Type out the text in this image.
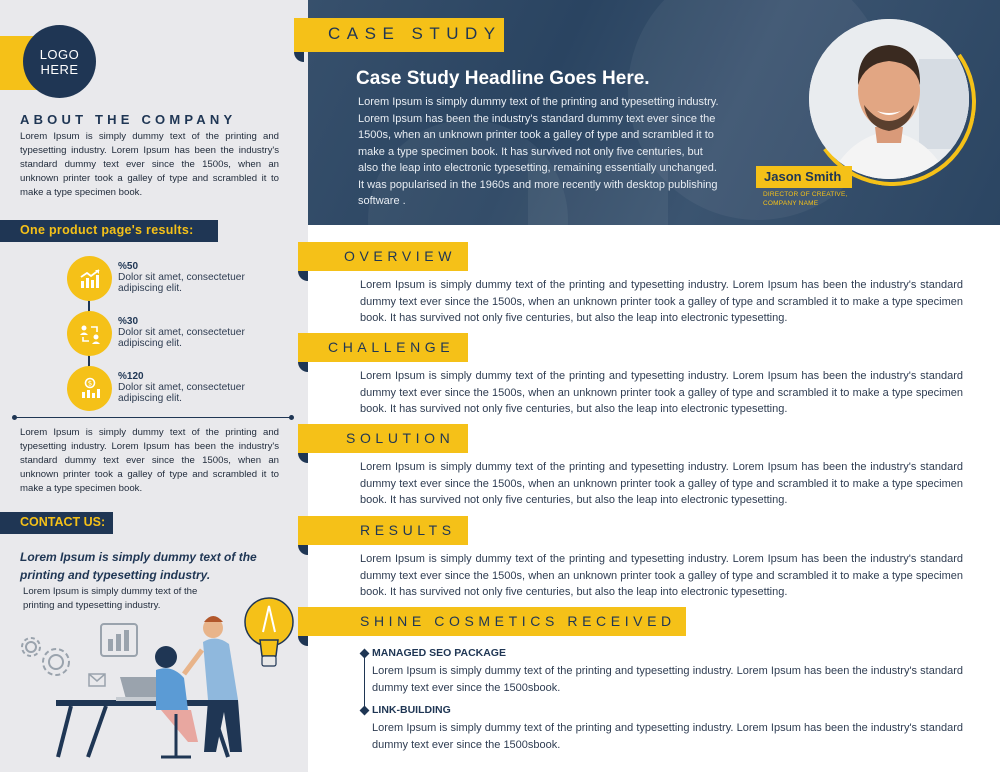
LOGO
HERE
ABOUT THE COMPANY
Lorem Ipsum is simply dummy text of the printing and typesetting industry. Lorem Ipsum has been the industry's standard dummy text ever since the 1500s, when an unknown printer took a galley of type and scrambled it to make a type specimen book.
One product page's results:
%50
Dolor sit amet, consectetuer adipiscing elit.
%30
Dolor sit amet, consectetuer adipiscing elit.
$
%120
Dolor sit amet, consectetuer adipiscing elit.
Lorem Ipsum is simply dummy text of the printing and typesetting industry. Lorem Ipsum has been the industry's standard dummy text ever since the 1500s, when an unknown printer took a galley of type and scrambled it to make a type specimen book.
CONTACT US:
Lorem Ipsum is simply dummy text of the printing and typesetting industry.
Lorem Ipsum is simply dummy text of the printing and typesetting industry.
CASE STUDY
Case Study Headline Goes Here.
Lorem Ipsum is simply dummy text of the printing and typesetting industry. Lorem Ipsum has been the industry's standard dummy text ever since the 1500s, when an unknown printer took a galley of type and scrambled it to make a type specimen book. It has survived not only five centuries, but also the leap into electronic typesetting, remaining essentially unchanged. It was popularised in the 1960s and more recently with desktop publishing software .
Jason Smith
DIRECTOR OF CREATIVE, COMPANY NAME
OVERVIEW
Lorem Ipsum is simply dummy text of the printing and typesetting industry. Lorem Ipsum has been the industry's standard dummy text ever since the 1500s, when an unknown printer took a galley of type and scrambled it to make a type specimen book. It has survived not only five centuries, but also the leap into electronic typesetting.
CHALLENGE
Lorem Ipsum is simply dummy text of the printing and typesetting industry. Lorem Ipsum has been the industry's standard dummy text ever since the 1500s, when an unknown printer took a galley of type and scrambled it to make a type specimen book. It has survived not only five centuries, but also the leap into electronic typesetting.
SOLUTION
Lorem Ipsum is simply dummy text of the printing and typesetting industry. Lorem Ipsum has been the industry's standard dummy text ever since the 1500s, when an unknown printer took a galley of type and scrambled it to make a type specimen book. It has survived not only five centuries, but also the leap into electronic typesetting.
RESULTS
Lorem Ipsum is simply dummy text of the printing and typesetting industry. Lorem Ipsum has been the industry's standard dummy text ever since the 1500s, when an unknown printer took a galley of type and scrambled it to make a type specimen book. It has survived not only five centuries, but also the leap into electronic typesetting.
SHINE COSMETICS RECEIVED
MANAGED SEO PACKAGE
Lorem Ipsum is simply dummy text of the printing and typesetting industry. Lorem Ipsum has been the industry's standard dummy text ever since the 1500sbook.
LINK-BUILDING
Lorem Ipsum is simply dummy text of the printing and typesetting industry. Lorem Ipsum has been the industry's standard dummy text ever since the 1500sbook.
